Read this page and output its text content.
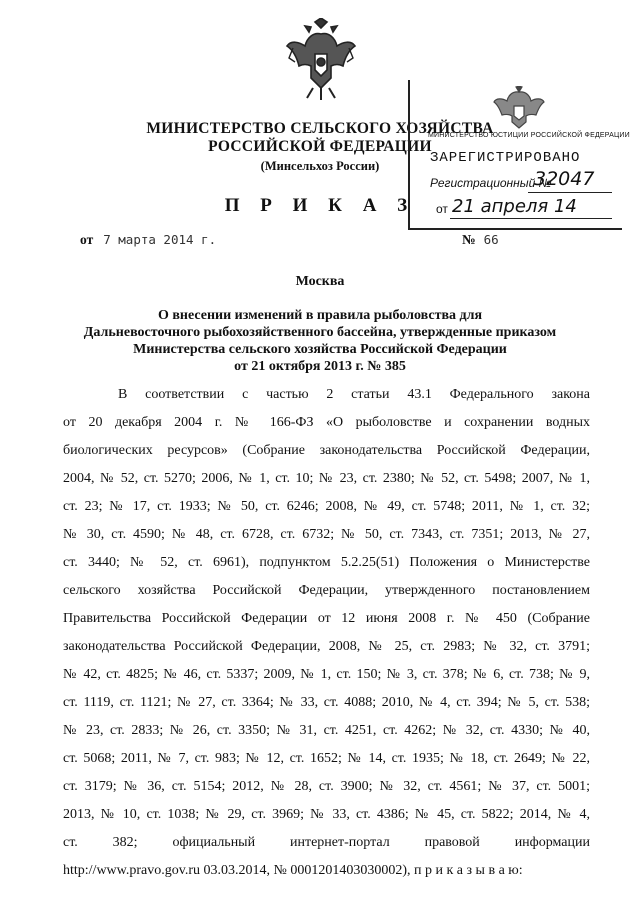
МИНИСТЕРСТВО СЕЛЬСКОГО ХОЗЯЙСТВА
РОССИЙСКОЙ ФЕДЕРАЦИИ
(Минсельхоз России)
П Р И К А З
МИНИСТЕРСТВО ЮСТИЦИИ РОССИЙСКОЙ ФЕДЕРАЦИИ
ЗАРЕГИСТРИРОВАНО
Регистрационный №
32047
от 21 апреля 14
от 7 марта 2014 г.	№ 66
Москва
О внесении изменений в правила рыболовства для
Дальневосточного рыбохозяйственного бассейна, утвержденные приказом
Министерства сельского хозяйства Российской Федерации
от 21 октября 2013 г. № 385
В соответствии с частью 2 статьи 43.1 Федерального закона
от 20 декабря 2004 г. № 166-ФЗ «О рыболовстве и сохранении водных
биологических ресурсов» (Собрание законодательства Российской Федерации,
2004, № 52, ст. 5270; 2006, № 1, ст. 10; № 23, ст. 2380; № 52, ст. 5498; 2007, № 1,
ст. 23; № 17, ст. 1933; № 50, ст. 6246; 2008, № 49, ст. 5748; 2011, № 1, ст. 32;
№ 30, ст. 4590; № 48, ст. 6728, ст. 6732; № 50, ст. 7343, ст. 7351; 2013, № 27,
ст. 3440; № 52, ст. 6961), подпунктом 5.2.25(51) Положения о Министерстве
сельского хозяйства Российской Федерации, утвержденного постановлением
Правительства Российской Федерации от 12 июня 2008 г. № 450 (Собрание
законодательства Российской Федерации, 2008, № 25, ст. 2983; № 32, ст. 3791;
№ 42, ст. 4825; № 46, ст. 5337; 2009, № 1, ст. 150; № 3, ст. 378; № 6, ст. 738; № 9,
ст. 1119, ст. 1121; № 27, ст. 3364; № 33, ст. 4088; 2010, № 4, ст. 394; № 5, ст. 538;
№ 23, ст. 2833; № 26, ст. 3350; № 31, ст. 4251, ст. 4262; № 32, ст. 4330; № 40,
ст. 5068; 2011, № 7, ст. 983; № 12, ст. 1652; № 14, ст. 1935; № 18, ст. 2649; № 22,
ст. 3179; № 36, ст. 5154; 2012, № 28, ст. 3900; № 32, ст. 4561; № 37, ст. 5001;
2013, № 10, ст. 1038; № 29, ст. 3969; № 33, ст. 4386; № 45, ст. 5822; 2014, № 4,
ст. 382; официальный интернет-портал правовой информации
http://www.pravo.gov.ru 03.03.2014, № 0001201403030002), п р и к а з ы в а ю:
